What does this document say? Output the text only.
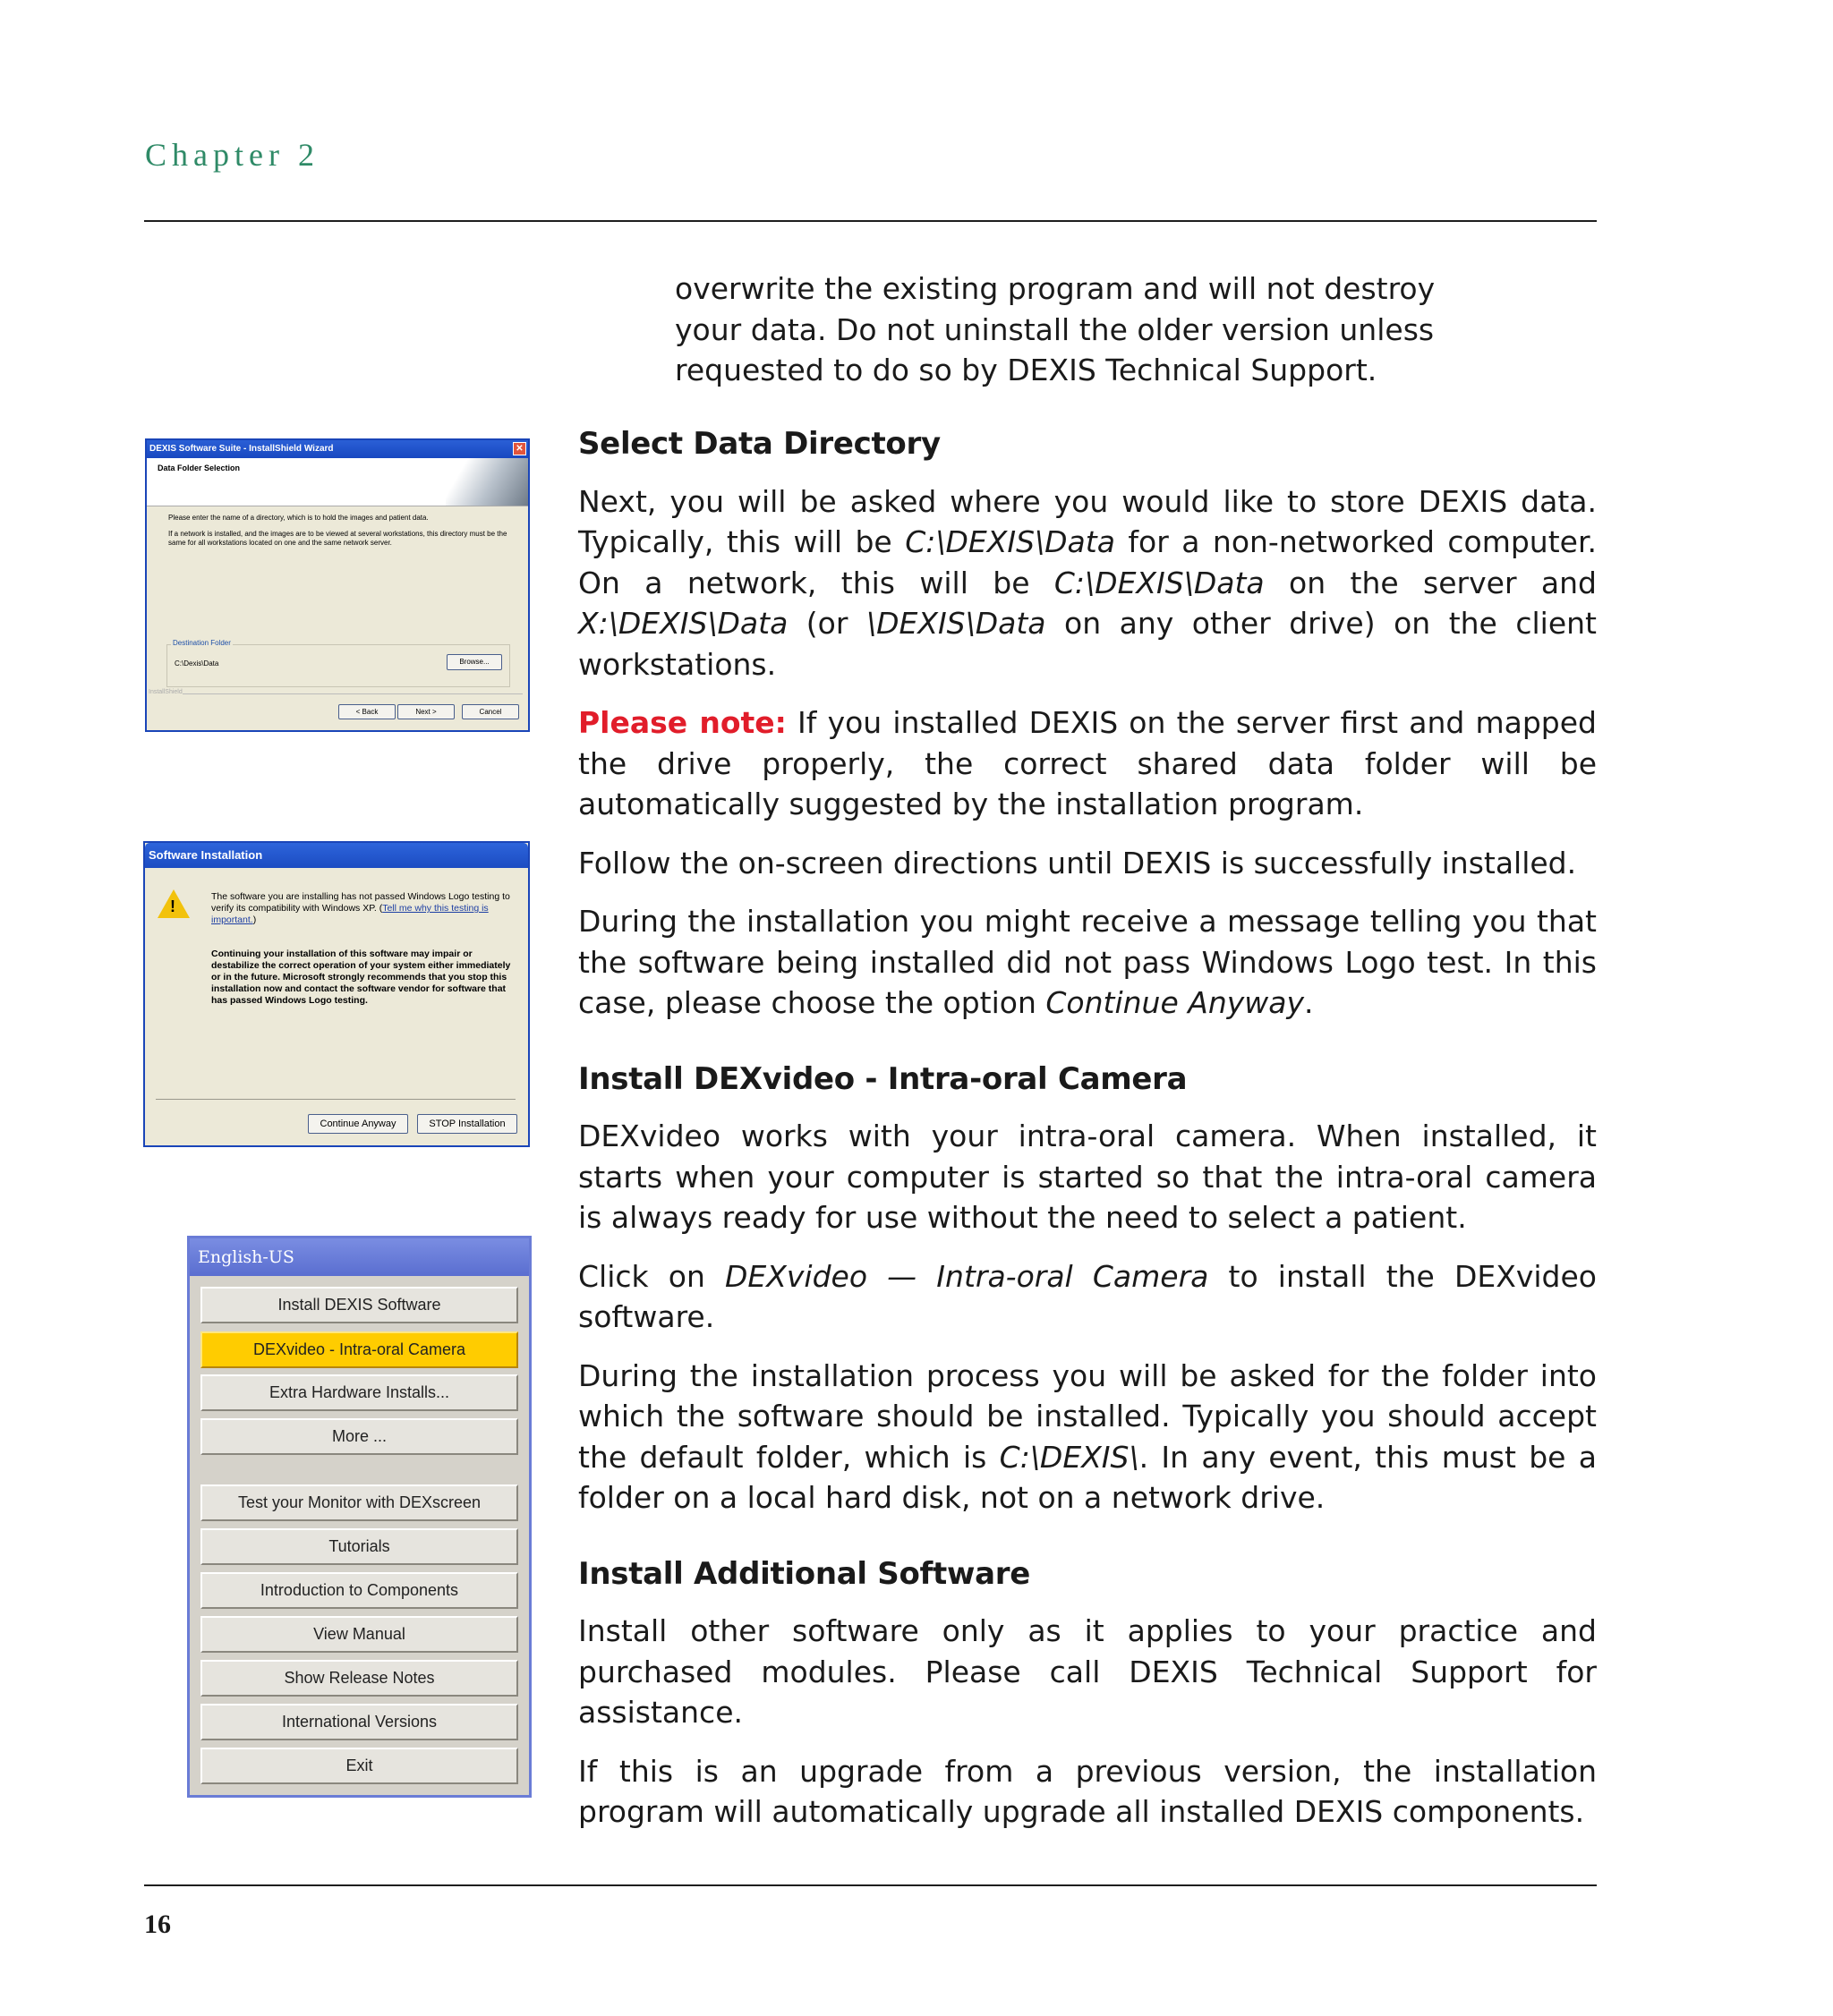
Chapter 2

overwrite the existing program and will not destroy your data. Do not uninstall the older version unless requested to do so by DEXIS Technical Support.

Select Data Directory

Next, you will be asked where you would like to store DEXIS data. Typically, this will be C:\DEXIS\Data for a non-networked computer. On a network, this will be C:\DEXIS\Data on the server and X:\DEXIS\Data (or \DEXIS\Data on any other drive) on the client workstations.

Please note: If you installed DEXIS on the server first and mapped the drive properly, the correct shared data folder will be automatically suggested by the installation program.

Follow the on-screen directions until DEXIS is successfully installed.

During the installation you might receive a message telling you that the software being installed did not pass Windows Logo test. In this case, please choose the option Continue Anyway.

Install DEXvideo - Intra-oral Camera

DEXvideo works with your intra-oral camera. When installed, it starts when your computer is started so that the intra-oral camera is always ready for use without the need to select a patient.

Click on DEXvideo — Intra-oral Camera to install the DEXvideo software.

During the installation process you will be asked for the folder into which the software should be installed. Typically you should accept the default folder, which is C:\DEXIS\. In any event, this must be a folder on a local hard disk, not on a network drive.

Install Additional Software

Install other software only as it applies to your practice and purchased modules. Please call DEXIS Technical Support for assistance.

If this is an upgrade from a previous version, the installation program will automatically upgrade all installed DEXIS components.

DEXIS Software Suite - InstallShield Wizard	✕
Data Folder Selection
Please enter the name of a directory, which is to hold the images and patient data.
If a network is installed, and the images are to be viewed at several workstations, this directory must be the same for all workstations located on one and the same network server.
Destination Folder
C:\Dexis\Data	Browse...
InstallShield
< Back	Next >	Cancel
Software Installation
!
The software you are installing has not passed Windows Logo testing to verify its compatibility with Windows XP. (Tell me why this testing is important.)
Continuing your installation of this software may impair or destabilize the correct operation of your system either immediately or in the future. Microsoft strongly recommends that you stop this installation now and contact the software vendor for software that has passed Windows Logo testing.
Continue Anyway	STOP Installation
English-US
Install DEXIS Software
DEXvideo - Intra-oral Camera
Extra Hardware Installs...
More ...
Test your Monitor with DEXscreen
Tutorials
Introduction to Components
View Manual
Show Release Notes
International Versions
Exit
16
